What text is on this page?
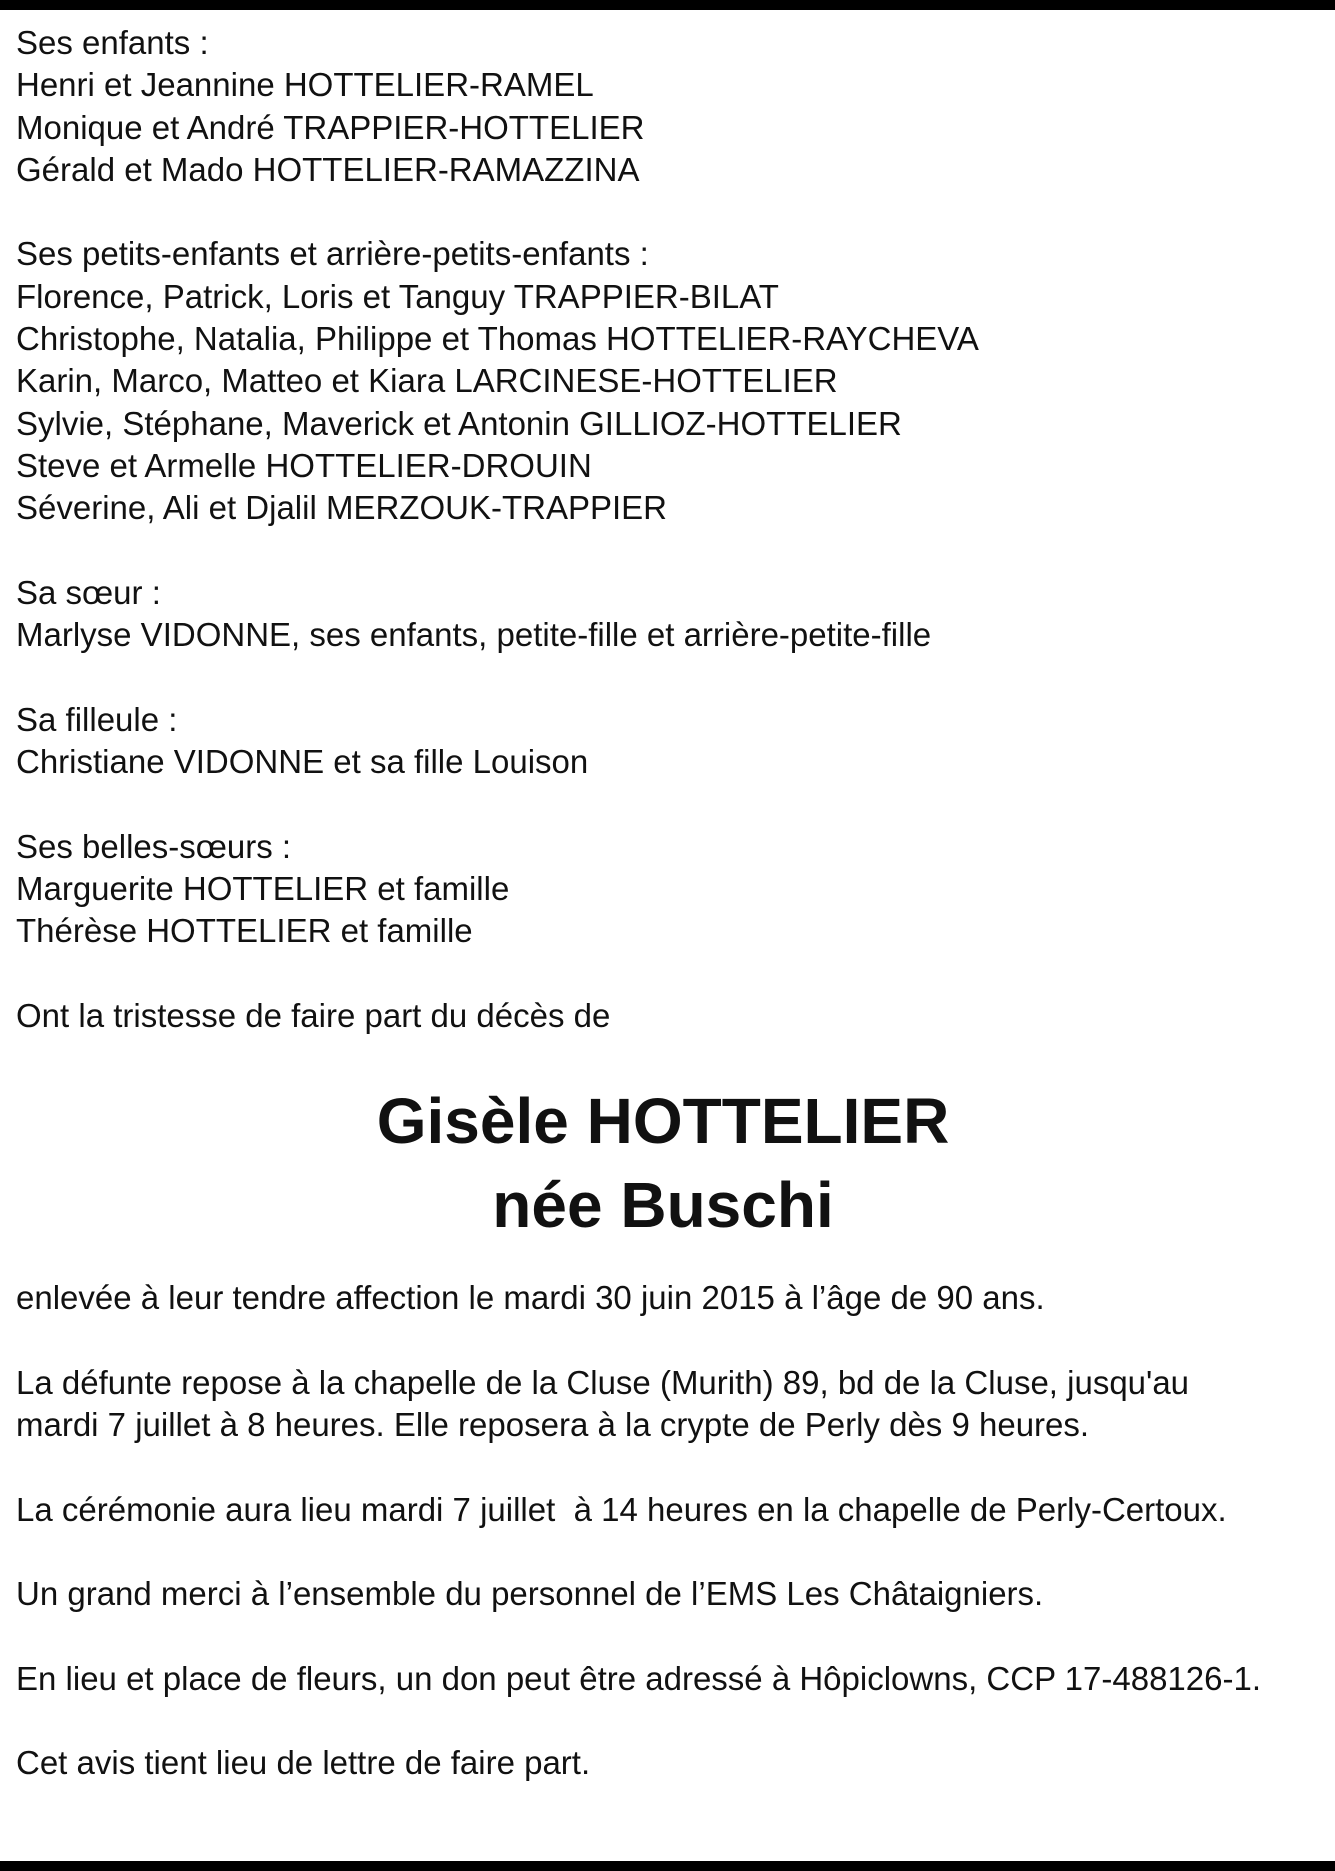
Ses enfants :
Henri et Jeannine HOTTELIER-RAMEL
Monique et André TRAPPIER-HOTTELIER
Gérald et Mado HOTTELIER-RAMAZZINA
Ses petits-enfants et arrière-petits-enfants :
Florence, Patrick, Loris et Tanguy TRAPPIER-BILAT
Christophe, Natalia, Philippe et Thomas HOTTELIER-RAYCHEVA
Karin, Marco, Matteo et Kiara LARCINESE-HOTTELIER
Sylvie, Stéphane, Maverick et Antonin GILLIOZ-HOTTELIER
Steve et Armelle HOTTELIER-DROUIN
Séverine, Ali et Djalil MERZOUK-TRAPPIER
Sa sœur :
Marlyse VIDONNE, ses enfants, petite-fille et arrière-petite-fille
Sa filleule :
Christiane VIDONNE et sa fille Louison
Ses belles-sœurs :
Marguerite HOTTELIER et famille
Thérèse HOTTELIER et famille
Ont la tristesse de faire part du décès de
Gisèle HOTTELIER
née Buschi
enlevée à leur tendre affection le mardi 30 juin 2015 à l’âge de 90 ans.
La défunte repose à la chapelle de la Cluse (Murith) 89, bd de la Cluse, jusqu'au
mardi 7 juillet à 8 heures. Elle reposera à la crypte de Perly dès 9 heures.
La cérémonie aura lieu mardi 7 juillet  à 14 heures en la chapelle de Perly-Certoux.
Un grand merci à l’ensemble du personnel de l’EMS Les Châtaigniers.
En lieu et place de fleurs, un don peut être adressé à Hôpiclowns, CCP 17-488126-1.
Cet avis tient lieu de lettre de faire part.
